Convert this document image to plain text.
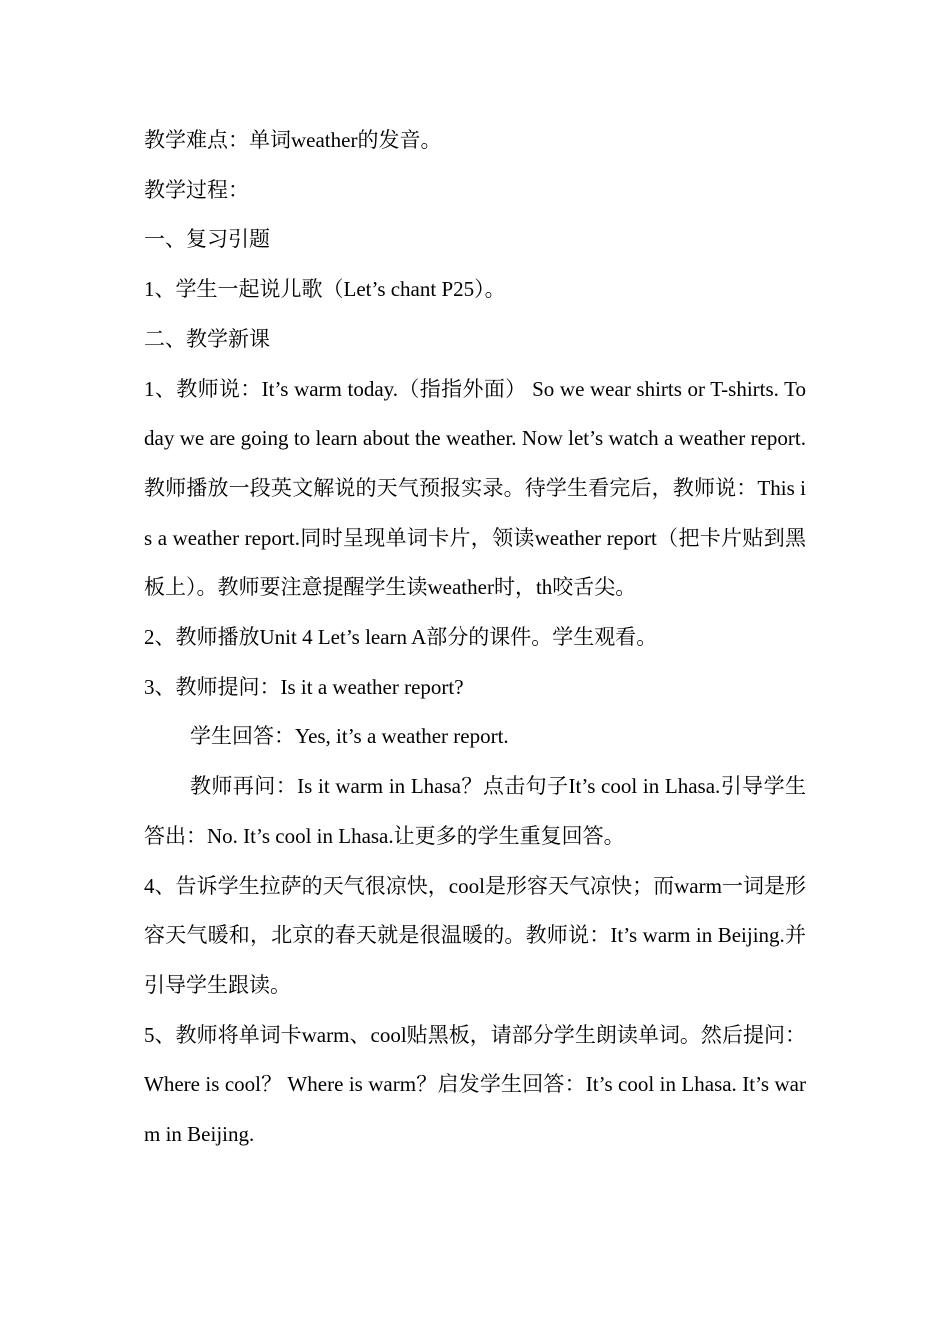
教学难点：单词weather的发音。

教学过程：

一、复习引题

1、学生一起说儿歌（Let’s chant P25）。

二、教学新课

1、教师说：It’s warm today.（指指外面） So we wear shirts or T-shirts. Today we are going to learn about the weather. Now let’s watch a weather report.教师播放一段英文解说的天气预报实录。待学生看完后，教师说：This is a weather report.同时呈现单词卡片，领读weather report（把卡片贴到黑板上）。教师要注意提醒学生读weather时，th咬舌尖。

2、教师播放Unit 4 Let’s learn A部分的课件。学生观看。

3、教师提问：Is it a weather report?

学生回答：Yes, it’s a weather report.

教师再问：Is it warm in Lhasa？点击句子It’s cool in Lhasa.引导学生答出：No. It’s cool in Lhasa.让更多的学生重复回答。

4、告诉学生拉萨的天气很凉快，cool是形容天气凉快；而warm一词是形容天气暖和，北京的春天就是很温暖的。教师说：It’s warm in Beijing.并引导学生跟读。

5、教师将单词卡warm、cool贴黑板，请部分学生朗读单词。然后提问：Where is cool？ Where is warm？启发学生回答：It’s cool in Lhasa. It’s warm in Beijing.
